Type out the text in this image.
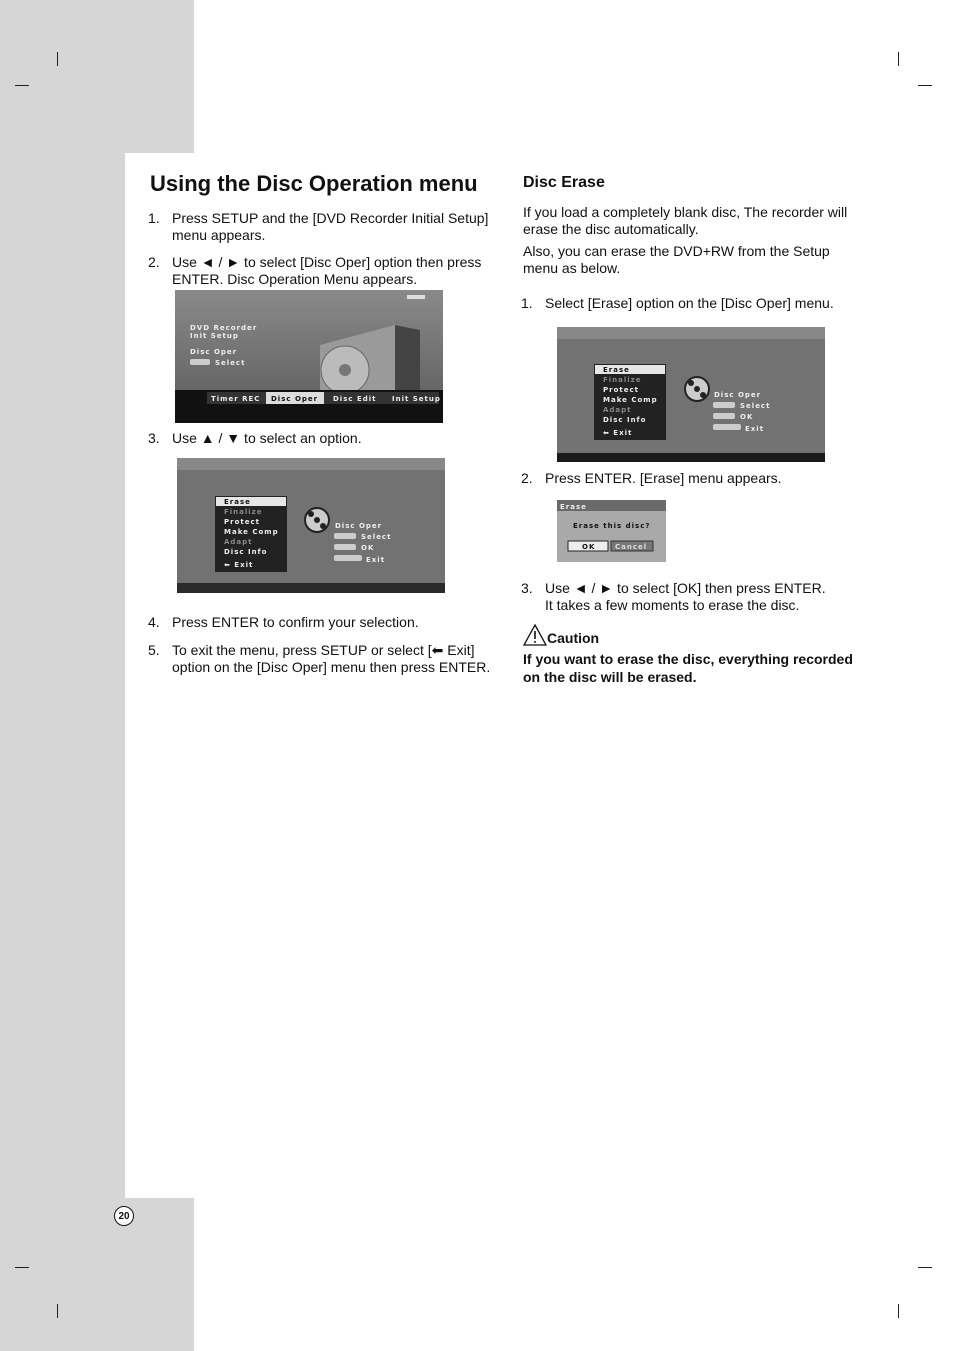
Using the Disc Operation menu
1. Press SETUP and the [DVD Recorder Initial Setup] menu appears.
2. Use ◄ / ► to select [Disc Oper] option then press ENTER. Disc Operation Menu appears.
DVD Recorder
Init Setup
Disc Oper
Select
Timer REC Disc Oper Disc Edit Init Setup
3. Use ▲ / ▼ to select an option.
Erase
Finalize
Protect
Make Comp
Adapt
Disc Info
⬅ Exit
Disc Oper
Select
OK
Exit
4. Press ENTER to confirm your selection.
5. To exit the menu, press SETUP or select [⬅ Exit] option on the [Disc Oper] menu then press ENTER.
Disc Erase
If you load a completely blank disc, The recorder will erase the disc automatically.
Also, you can erase the DVD+RW from the Setup menu as below.
1. Select [Erase] option on the [Disc Oper] menu.
Erase
Finalize
Protect
Make Comp
Adapt
Disc Info
⬅ Exit
Disc Oper
Select
OK
Exit
2. Press ENTER. [Erase] menu appears.
Erase
Erase this disc?
OK	Cancel
3. Use ◄ / ► to select [OK] then press ENTER.
It takes a few moments to erase the disc.
Caution
If you want to erase the disc, everything recorded on the disc will be erased.
20
